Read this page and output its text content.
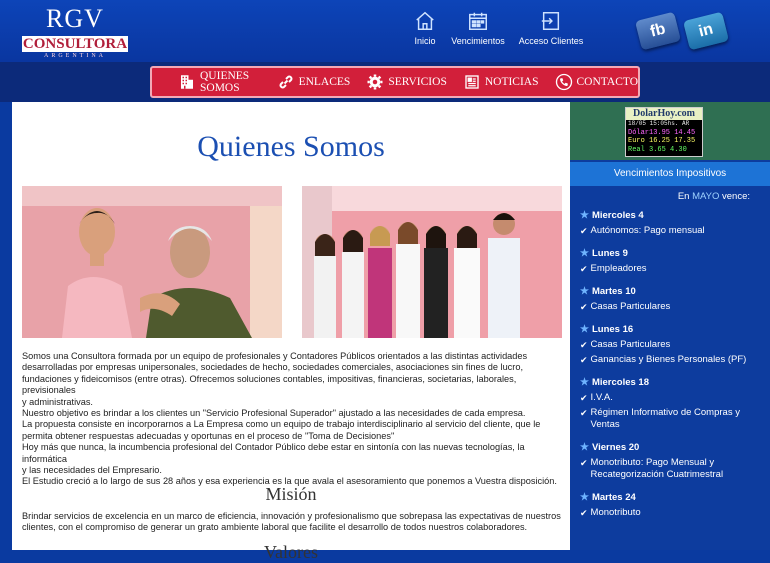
RGV
CONSULTORA
ARGENTINA
Inicio Vencimientos Acceso Clientes
fb in
QUIENES SOMOS	ENLACES	SERVICIOS	NOTICIAS	CONTACTO
Quienes Somos
Somos una Consultora formada por un equipo de profesionales y Contadores Públicos orientados a las distintas actividades
desarrolladas por empresas unipersonales, sociedades de hecho, sociedades comerciales, asociaciones sin fines de lucro,
fundaciones y fideicomisos (entre otras). Ofrecemos soluciones contables, impositivas, financieras, societarias, laborales, previsionales
y administrativas.
Nuestro objetivo es brindar a los clientes un "Servicio Profesional Superador" ajustado a las necesidades de cada empresa.
La propuesta consiste en incorporarnos a La Empresa como un equipo de trabajo interdisciplinario al servicio del cliente, que le
permita obtener respuestas adecuadas y oportunas en el proceso de "Toma de Decisiones"
Hoy más que nunca, la incumbencia profesional del Contador Público debe estar en sintonía con las nuevas tecnologías, la informática
y las necesidades del Empresario.
El Estudio creció a lo largo de sus 28 años y esa experiencia es la que avala el asesoramiento que ponemos a Vuestra disposición.
Misión
Brindar servicios de excelencia en un marco de eficiencia, innovación y profesionalismo que sobrepasa las expectativas de nuestros
clientes, con el compromiso de generar un grato ambiente laboral que facilite el desarrollo de todos nuestros colaboradores.
Valores
DolarHoy.com
18/05 15:05hs. AR
Dólar13.95 14.45
Euro 16.25 17.35
Real 3.65 4.30
Vencimientos Impositivos
En MAYO vence:
★ Miercoles 4
✔ Autónomos: Pago mensual
★ Lunes 9
✔ Empleadores
★ Martes 10
✔ Casas Particulares
★ Lunes 16
✔ Casas Particulares
✔ Ganancias y Bienes Personales (PF)
★ Miercoles 18
✔ I.V.A.
✔ Régimen Informativo de Compras y Ventas
★ Viernes 20
✔ Monotributo: Pago Mensual y Recategorización Cuatrimestral
★ Martes 24
✔ Monotributo
